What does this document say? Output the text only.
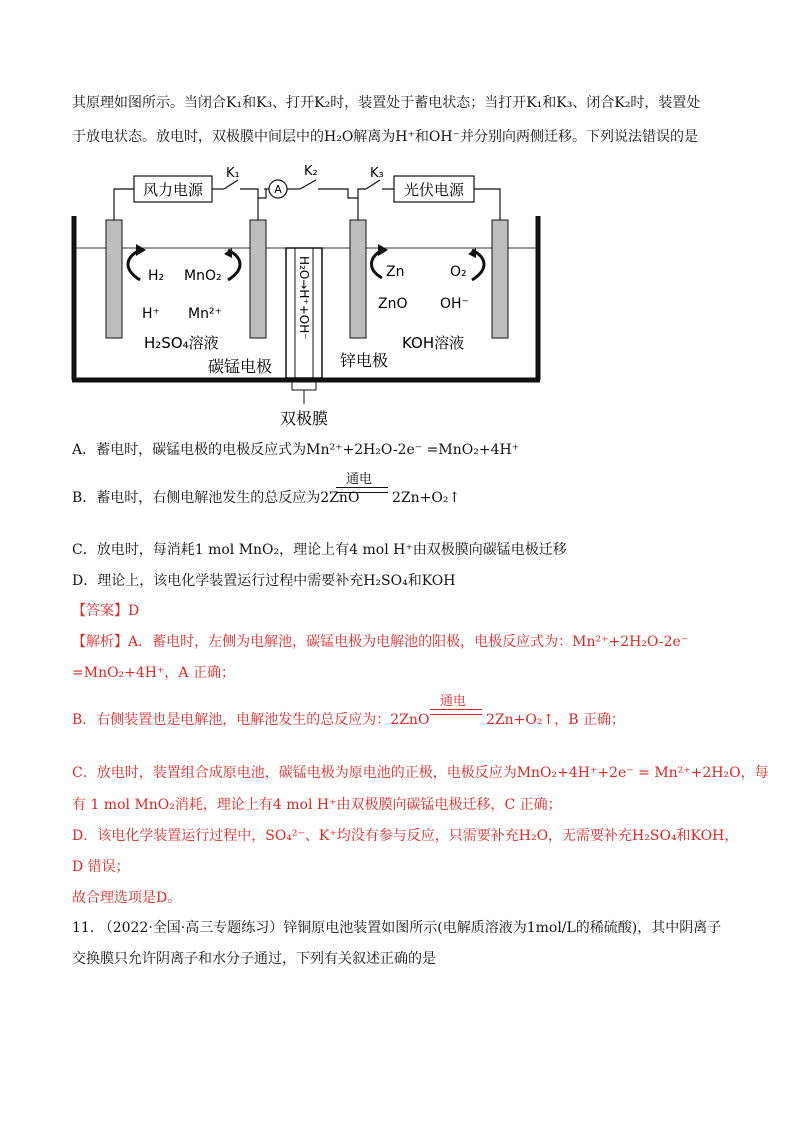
其原理如图所示。当闭合K₁和K₃、打开K₂时，装置处于蓄电状态；当打开K₁和K₃、闭合K₂时，装置处
于放电状态。放电时，双极膜中间层中的H₂O解离为H⁺和OH⁻并分别向两侧迁移。下列说法错误的是
风力电源	光伏电源
A
K₁	K₂	K₃
H₂
H⁺
MnO₂
Mn²⁺
H₂SO₄溶液
碳锰电极
H₂O→H⁺+OH⁻	Zn
ZnO
O₂
OH⁻
KOH溶液
锌电极
双极膜
A．蓄电时，碳锰电极的电极反应式为Mn²⁺+2H₂O-2e⁻ =MnO₂+4H⁺
通电
B．蓄电时，右侧电解池发生的总反应为2ZnO 2Zn+O₂↑
C．放电时，每消耗1 mol MnO₂，理论上有4 mol H⁺由双极膜向碳锰电极迁移
D．理论上，该电化学装置运行过程中需要补充H₂SO₄和KOH
【答案】D
【解析】A．蓄电时，左侧为电解池，碳锰电极为电解池的阳极，电极反应式为：Mn²⁺+2H₂O-2e⁻
=MnO₂+4H⁺，A 正确；
通电
B．右侧装置也是电解池，电解池发生的总反应为：2ZnO	2Zn+O₂↑，B 正确；
C．放电时，装置组合成原电池，碳锰电极为原电池的正极，电极反应为MnO₂+4H⁺+2e⁻ = Mn²⁺+2H₂O，每
有 1 mol MnO₂消耗，理论上有4 mol H⁺由双极膜向碳锰电极迁移，C 正确；
D．该电化学装置运行过程中，SO₄²⁻、K⁺均没有参与反应，只需要补充H₂O，无需要补充H₂SO₄和KOH，
D 错误；
故合理选项是D。
11. （2022·全国·高三专题练习）锌铜原电池装置如图所示(电解质溶液为1mol/L的稀硫酸)，其中阴离子
交换膜只允许阴离子和水分子通过，下列有关叙述正确的是
